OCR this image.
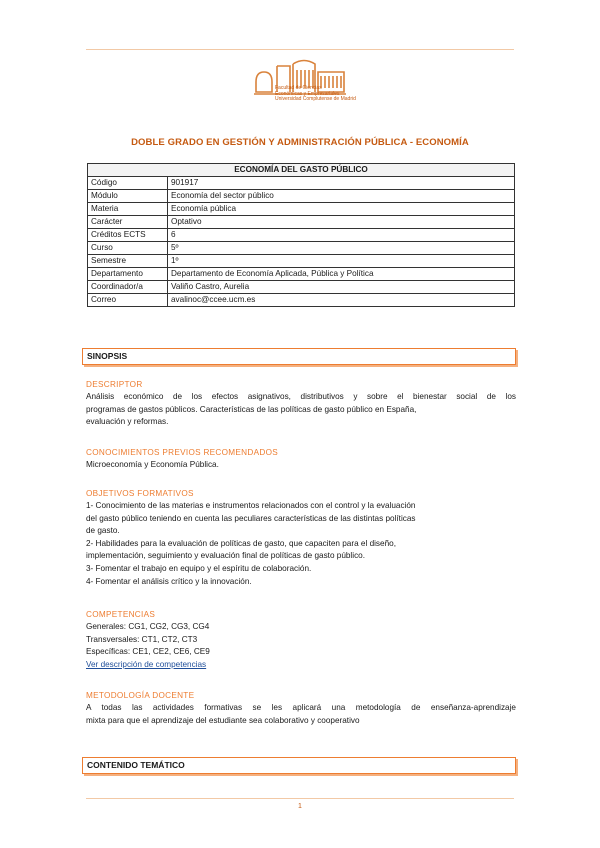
Facultad de Ciencias
Económicas y Empresariales
Universidad Complutense de Madrid
DOBLE GRADO EN GESTIÓN Y ADMINISTRACIÓN PÚBLICA - ECONOMÍA
ECONOMÍA DEL GASTO PÚBLICO	
Código	901917
Módulo	Economía del sector público
Materia	Economía pública
Carácter	Optativo
Créditos ECTS	6
Curso	5º
Semestre	1º
Departamento	Departamento de Economía Aplicada, Pública y Política
Coordinador/a	Valiño Castro, Aurelia
Correo	avalinoc@ccee.ucm.es
SINOPSIS
DESCRIPTOR
Análisis económico de los efectos asignativos, distributivos y sobre el bienestar social de los
programas de gastos públicos. Características de las políticas de gasto público en España,
evaluación y reformas.
CONOCIMIENTOS PREVIOS RECOMENDADOS
Microeconomía y Economía Pública.
OBJETIVOS FORMATIVOS
1- Conocimiento de las materias e instrumentos relacionados con el control y la evaluación
del gasto público teniendo en cuenta las peculiares características de las distintas políticas
de gasto.
2- Habilidades para la evaluación de políticas de gasto, que capaciten para el diseño,
implementación, seguimiento y evaluación final de políticas de gasto público.
3- Fomentar el trabajo en equipo y el espíritu de colaboración.
4- Fomentar el análisis crítico y la innovación.
COMPETENCIAS
Generales: CG1, CG2, CG3, CG4
Transversales: CT1, CT2, CT3
Específicas: CE1, CE2, CE6, CE9
Ver descripción de competencias
METODOLOGÍA DOCENTE
A todas las actividades formativas se les aplicará una metodología de enseñanza-aprendizaje
mixta para que el aprendizaje del estudiante sea colaborativo y cooperativo
CONTENIDO TEMÁTICO
1
